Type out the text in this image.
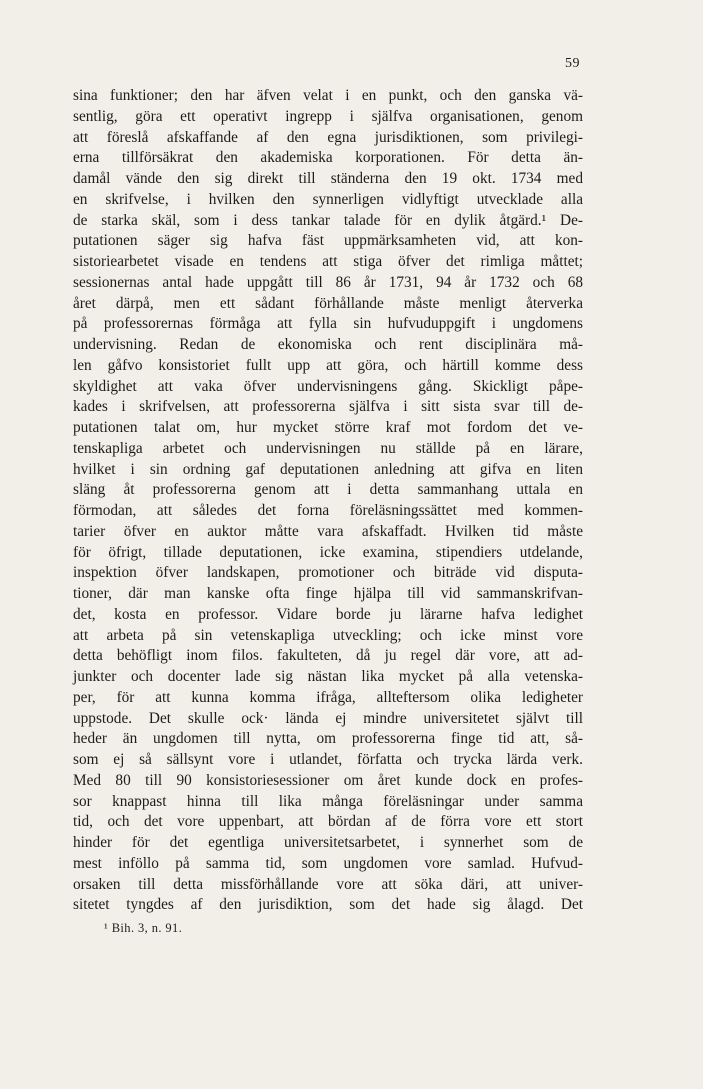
59
sina funktioner; den har äfven velat i en punkt, och den ganska vä-
sentlig, göra ett operativt ingrepp i själfva organisationen, genom
att föreslå afskaffande af den egna jurisdiktionen, som privilegi-
erna tillförsäkrat den akademiska korporationen. För detta än-
damål vände den sig direkt till ständerna den 19 okt. 1734 med
en skrifvelse, i hvilken den synnerligen vidlyftigt utvecklade alla
de starka skäl, som i dess tankar talade för en dylik åtgärd.¹ De-
putationen säger sig hafva fäst uppmärksamheten vid, att kon-
sistoriearbetet visade en tendens att stiga öfver det rimliga måttet;
sessionernas antal hade uppgått till 86 år 1731, 94 år 1732 och 68
året därpå, men ett sådant förhållande måste menligt återverka
på professorernas förmåga att fylla sin hufvuduppgift i ungdomens
undervisning. Redan de ekonomiska och rent disciplinära må-
len gåfvo konsistoriet fullt upp att göra, och härtill komme dess
skyldighet att vaka öfver undervisningens gång. Skickligt påpe-
kades i skrifvelsen, att professorerna själfva i sitt sista svar till de-
putationen talat om, hur mycket större kraf mot fordom det ve-
tenskapliga arbetet och undervisningen nu ställde på en lärare,
hvilket i sin ordning gaf deputationen anledning att gifva en liten
släng åt professorerna genom att i detta sammanhang uttala en
förmodan, att således det forna föreläsningssättet med kommen-
tarier öfver en auktor måtte vara afskaffadt. Hvilken tid måste
för öfrigt, tillade deputationen, icke examina, stipendiers utdelande,
inspektion öfver landskapen, promotioner och biträde vid disputa-
tioner, där man kanske ofta finge hjälpa till vid sammanskrifvan-
det, kosta en professor. Vidare borde ju lärarne hafva ledighet
att arbeta på sin vetenskapliga utveckling; och icke minst vore
detta behöfligt inom filos. fakulteten, då ju regel där vore, att ad-
junkter och docenter lade sig nästan lika mycket på alla vetenska-
per, för att kunna komma ifråga, allteftersom olika ledigheter
uppstode. Det skulle ock· lända ej mindre universitetet självt till
heder än ungdomen till nytta, om professorerna finge tid att, så-
som ej så sällsynt vore i utlandet, författa och trycka lärda verk.
Med 80 till 90 konsistoriesessioner om året kunde dock en profes-
sor knappast hinna till lika många föreläsningar under samma
tid, och det vore uppenbart, att bördan af de förra vore ett stort
hinder för det egentliga universitetsarbetet, i synnerhet som de
mest inföllo på samma tid, som ungdomen vore samlad. Hufvud-
orsaken till detta missförhållande vore att söka däri, att univer-
sitetet tyngdes af den jurisdiktion, som det hade sig ålagd. Det
¹ Bih. 3, n. 91.
